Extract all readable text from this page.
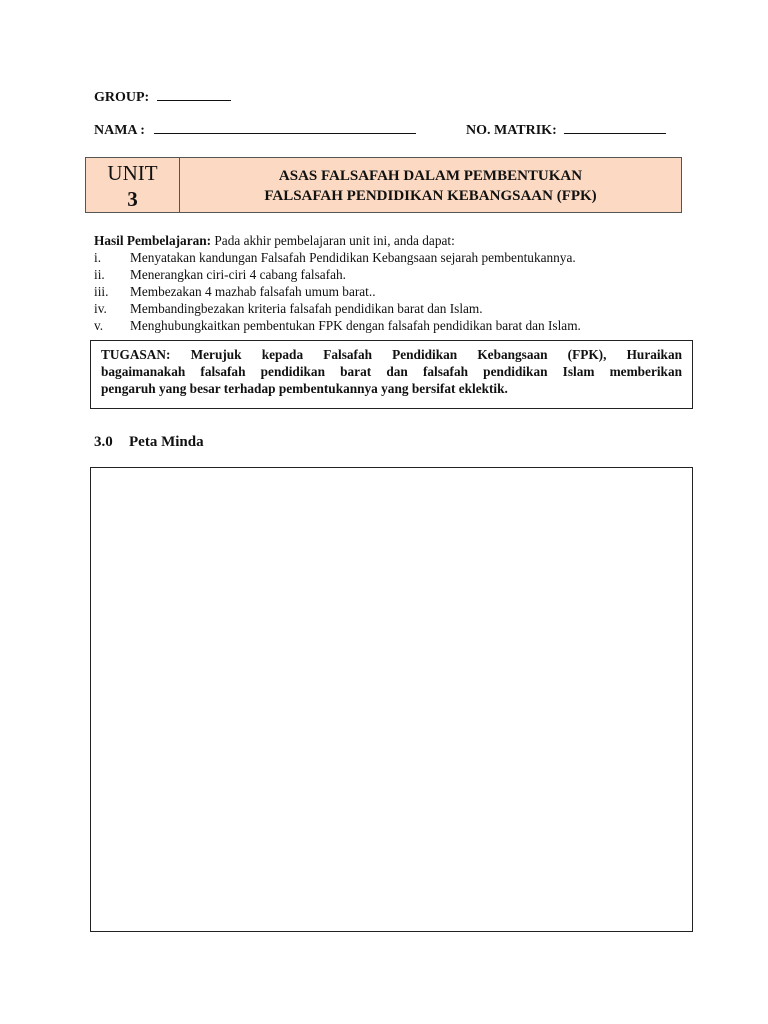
GROUP:
NAMA :	NO. MATRIK:
UNIT
3
ASAS FALSAFAH DALAM PEMBENTUKAN
FALSAFAH PENDIDIKAN KEBANGSAAN (FPK)
Hasil Pembelajaran: Pada akhir pembelajaran unit ini, anda dapat:
i. Menyatakan kandungan Falsafah Pendidikan Kebangsaan sejarah pembentukannya.
ii. Menerangkan ciri-ciri 4 cabang falsafah.
iii. Membezakan 4 mazhab falsafah umum barat..
iv. Membandingbezakan kriteria falsafah pendidikan barat dan Islam.
v. Menghubungkaitkan pembentukan FPK dengan falsafah pendidikan barat dan Islam.
TUGASAN: Merujuk kepada Falsafah Pendidikan Kebangsaan (FPK), Huraikan
bagaimanakah falsafah pendidikan barat dan falsafah pendidikan Islam memberikan
pengaruh yang besar terhadap pembentukannya yang bersifat eklektik.
3.0 Peta Minda
